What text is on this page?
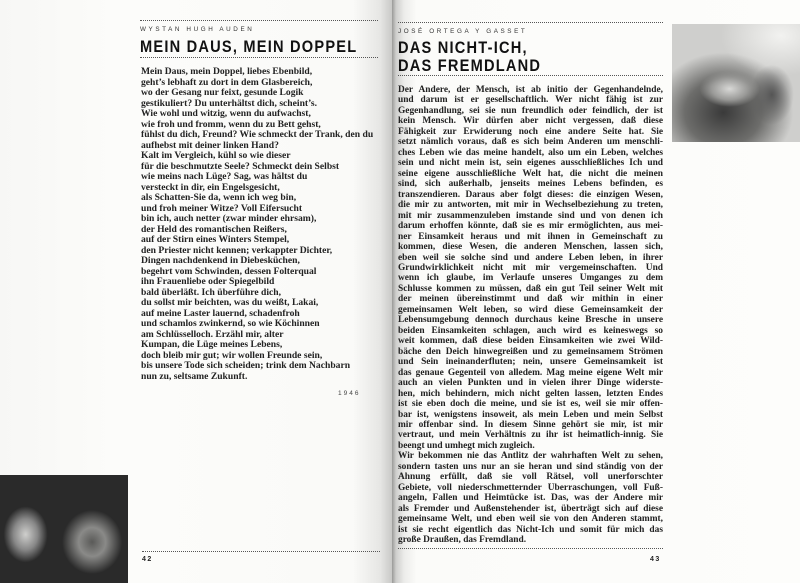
WYSTAN HUGH AUDEN
MEIN DAUS, MEIN DOPPEL
Mein Daus, mein Doppel, liebes Ebenbild,
geht’s lebhaft zu dort in dem Glasbereich,
wo der Gesang nur feixt, gesunde Logik
gestikuliert? Du unterhältst dich, scheint’s.
Wie wohl und witzig, wenn du aufwachst,
wie froh und fromm, wenn du zu Bett gehst,
fühlst du dich, Freund? Wie schmeckt der Trank, den du
aufhebst mit deiner linken Hand?
Kalt im Vergleich, kühl so wie dieser
für die beschmutzte Seele? Schmeckt dein Selbst
wie meins nach Lüge? Sag, was hältst du
versteckt in dir, ein Engelsgesicht,
als Schatten-Sie da, wenn ich weg bin,
und froh meiner Witze? Voll Eifersucht
bin ich, auch netter (zwar minder ehrsam),
der Held des romantischen Reißers,
auf der Stirn eines Winters Stempel,
den Priester nicht kennen; verkappter Dichter,
Dingen nachdenkend in Diebesküchen,
begehrt vom Schwinden, dessen Folterqual
ihn Frauenliebe oder Spiegelbild
bald überläßt. Ich überführe dich,
du sollst mir beichten, was du weißt, Lakai,
auf meine Laster lauernd, schadenfroh
und schamlos zwinkernd, so wie Köchinnen
am Schlüsselloch. Erzähl mir, alter
Kumpan, die Lüge meines Lebens,
doch bleib mir gut; wir wollen Freunde sein,
bis unsere Tode sich scheiden; trink dem Nachbarn
nun zu, seltsame Zukunft.
1946
42
JOSÉ ORTEGA Y GASSET
DAS NICHT-ICH,
DAS FREMDLAND
Der Andere, der Mensch, ist ab initio der Gegenhandelnde,
und darum ist er gesellschaftlich. Wer nicht fähig ist zur
Gegenhandlung, sei sie nun freundlich oder feindlich, der ist
kein Mensch. Wir dürfen aber nicht vergessen, daß diese
Fähigkeit zur Erwiderung noch eine andere Seite hat. Sie
setzt nämlich voraus, daß es sich beim Anderen um menschli-
ches Leben wie das meine handelt, also um ein Leben, welches
sein und nicht mein ist, sein eigenes ausschließliches Ich und
seine eigene ausschließliche Welt hat, die nicht die meinen
sind, sich außerhalb, jenseits meines Lebens befinden, es
transzendieren. Daraus aber folgt dieses: die einzigen Wesen,
die mir zu antworten, mit mir in Wechselbeziehung zu treten,
mit mir zusammenzuleben imstande sind und von denen ich
darum erhoffen könnte, daß sie es mir ermöglichten, aus mei-
ner Einsamkeit heraus und mit ihnen in Gemeinschaft zu
kommen, diese Wesen, die anderen Menschen, lassen sich,
eben weil sie solche sind und andere Leben leben, in ihrer
Grundwirklichkeit nicht mit mir vergemeinschaften. Und
wenn ich glaube, im Verlaufe unseres Umganges zu dem
Schlusse kommen zu müssen, daß ein gut Teil seiner Welt mit
der meinen übereinstimmt und daß wir mithin in einer
gemeinsamen Welt leben, so wird diese Gemeinsamkeit der
Lebensumgebung dennoch durchaus keine Bresche in unsere
beiden Einsamkeiten schlagen, auch wird es keineswegs so
weit kommen, daß diese beiden Einsamkeiten wie zwei Wild-
bäche den Deich hinwegreißen und zu gemeinsamem Strömen
und Sein ineinanderfluten; nein, unsere Gemeinsamkeit ist
das genaue Gegenteil von alledem. Mag meine eigene Welt mir
auch an vielen Punkten und in vielen ihrer Dinge widerste-
hen, mich behindern, mich nicht gelten lassen, letzten Endes
ist sie eben doch die meine, und sie ist es, weil sie mir offen-
bar ist, wenigstens insoweit, als mein Leben und mein Selbst
mir offenbar sind. In diesem Sinne gehört sie mir, ist mir
vertraut, und mein Verhältnis zu ihr ist heimatlich-innig. Sie
beengt und umhegt mich zugleich.
Wir bekommen nie das Antlitz der wahrhaften Welt zu sehen,
sondern tasten uns nur an sie heran und sind ständig von der
Ahnung erfüllt, daß sie voll Rätsel, voll unerforschter
Gebiete, voll niederschmetternder Überraschungen, voll Fuß-
angeln, Fallen und Heimtücke ist. Das, was der Andere mir
als Fremder und Außenstehender ist, überträgt sich auf diese
gemeinsame Welt, und eben weil sie von den Anderen stammt,
ist sie recht eigentlich das Nicht-Ich und somit für mich das
große Draußen, das Fremdland.
43
